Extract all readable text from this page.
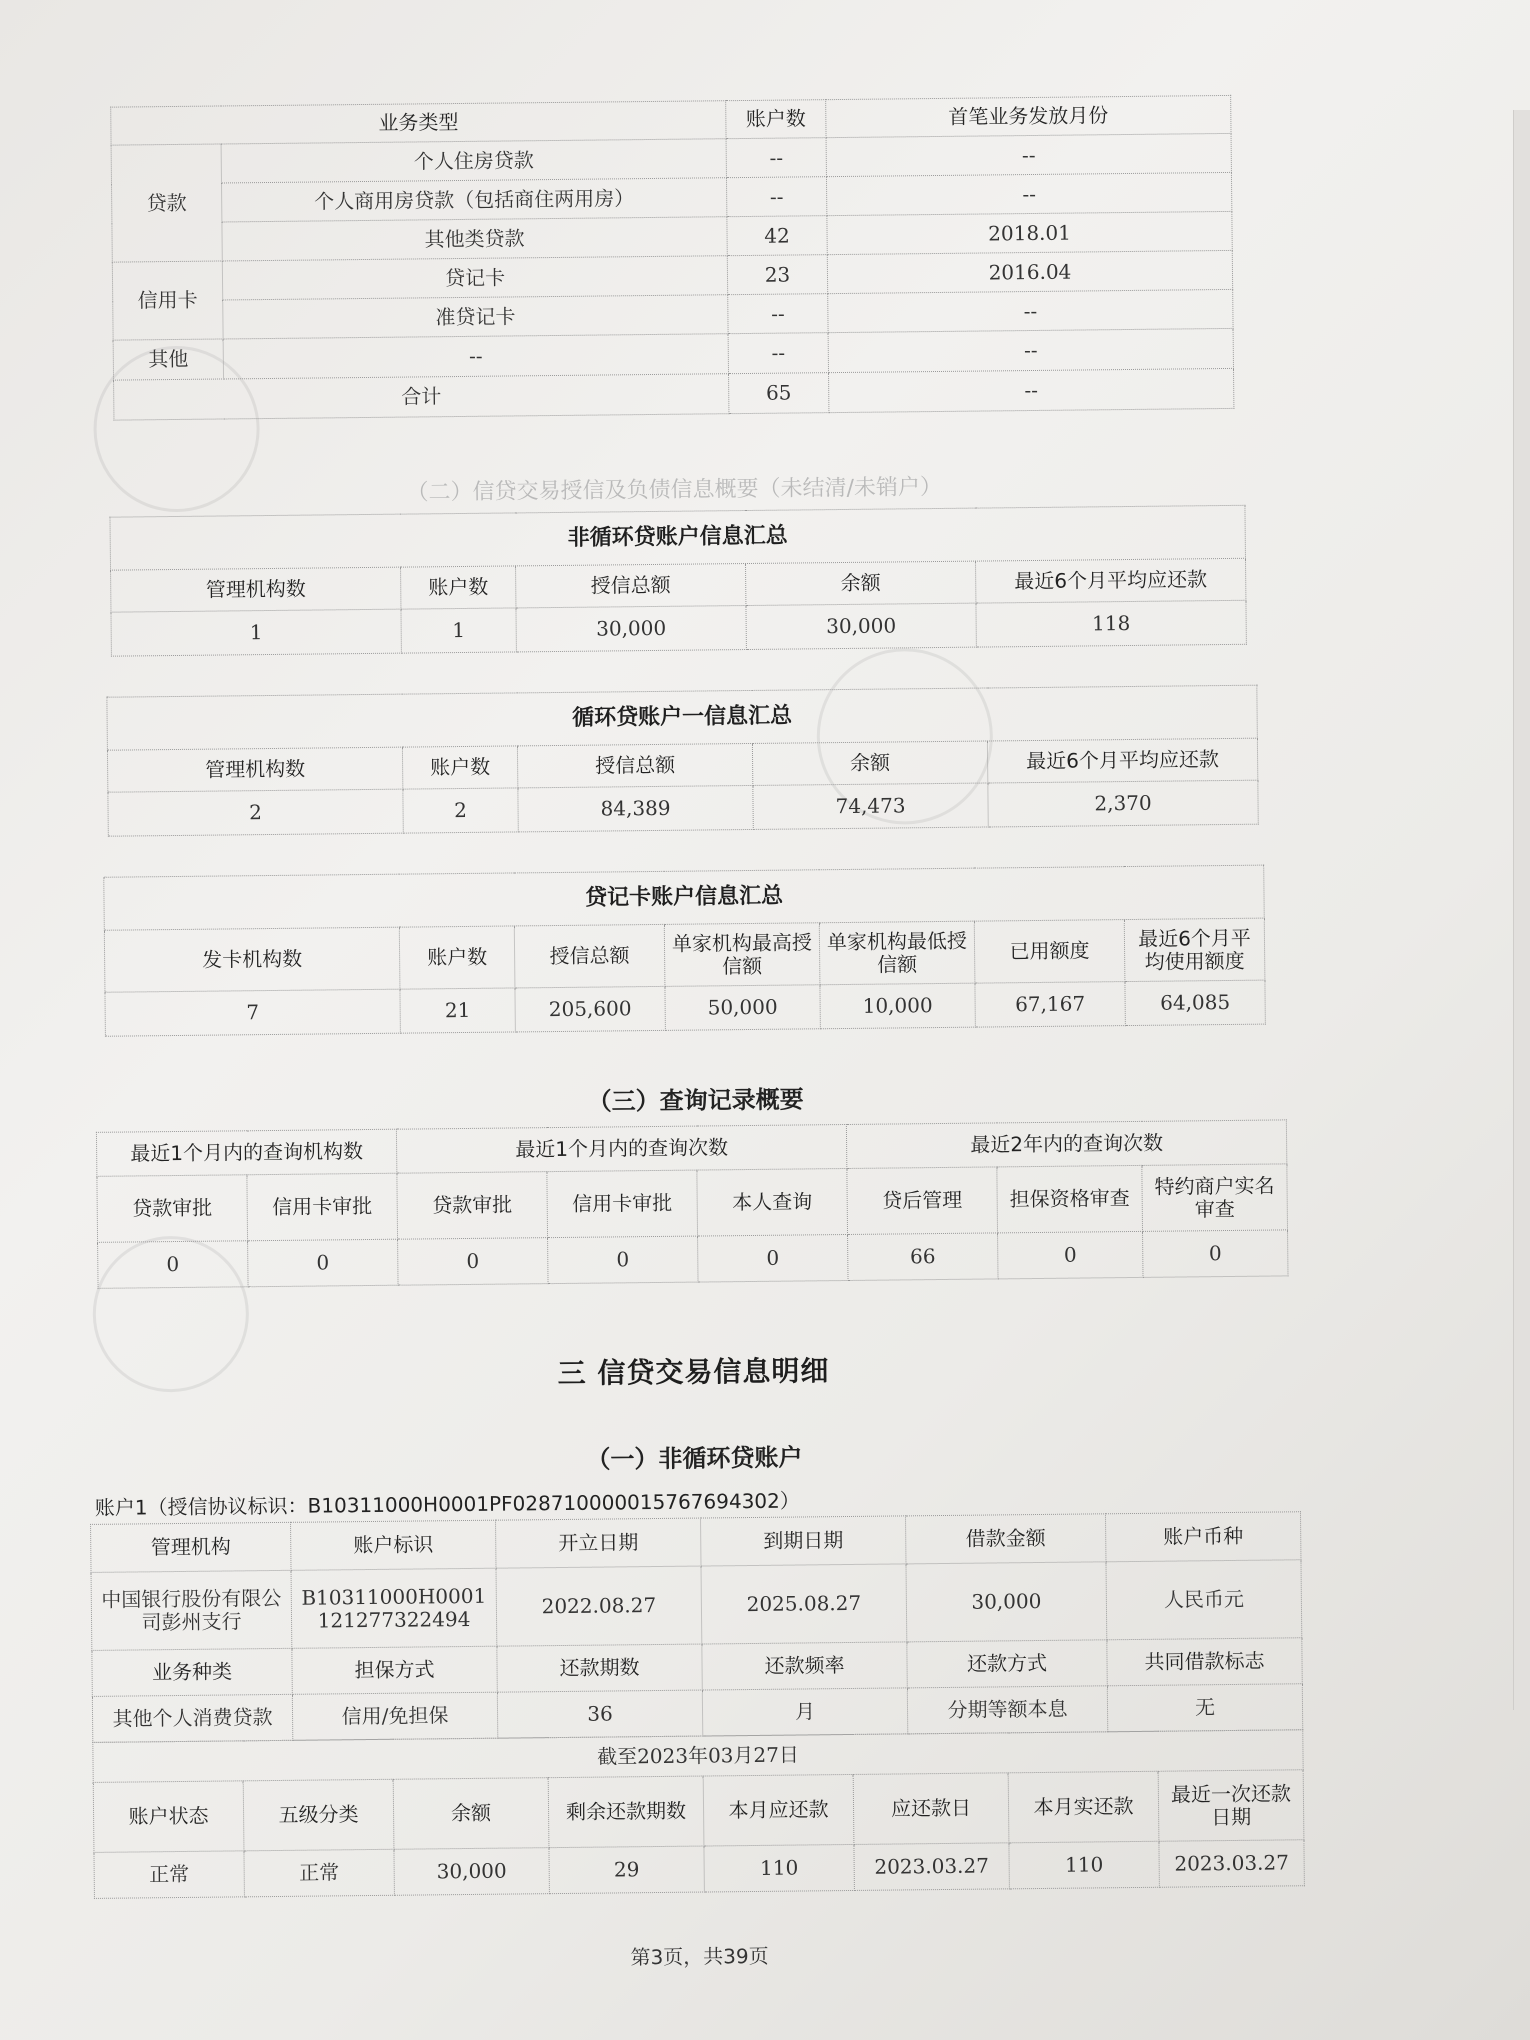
业务类型		账户数	首笔业务发放月份
贷款	个人住房贷款	--	--
	个人商用房贷款（包括商住两用房）	--	--
	其他类贷款	42	2018.01
信用卡	贷记卡	23	2016.04
	准贷记卡	--	--
其他	--	--	--
合计		65	--
（二）信贷交易授信及负债信息概要（未结清/未销户）
非循环贷账户信息汇总				
管理机构数	账户数	授信总额	余额	最近6个月平均应还款
1	1	30,000	30,000	118
循环贷账户一信息汇总				
管理机构数	账户数	授信总额	余额	最近6个月平均应还款
2	2	84,389	74,473	2,370
贷记卡账户信息汇总						
发卡机构数	账户数	授信总额	单家机构最高授信额	单家机构最低授信额	已用额度	最近6个月平均使用额度
7	21	205,600	50,000	10,000	67,167	64,085
（三）查询记录概要
最近1个月内的查询机构数		最近1个月内的查询次数			最近2年内的查询次数		
贷款审批	信用卡审批	贷款审批	信用卡审批	本人查询	贷后管理	担保资格审查	特约商户实名审查
0	0	0	0	0	66	0	0
三 信贷交易信息明细
（一）非循环贷账户
账户1（授信协议标识：B10311000H0001PF02871000001576769430​2）
管理机构	账户标识	开立日期	到期日期	借款金额	账户币种
中国银行股份有限公司彭州支行	B10311000H0001121277322494	2022.08.27	2025.08.27	30,000	人民币元
业务种类	担保方式	还款期数	还款频率	还款方式	共同借款标志
其他个人消费贷款	信用/免担保	36	月	分期等额本息	无
截至2023年03月27日							
账户状态	五级分类	余额	剩余还款期数	本月应还款	应还款日	本月实还款	最近一次还款日期
正常	正常	30,000	29	110	2023.03.27	110	2023.03.27
第3页，共39页
